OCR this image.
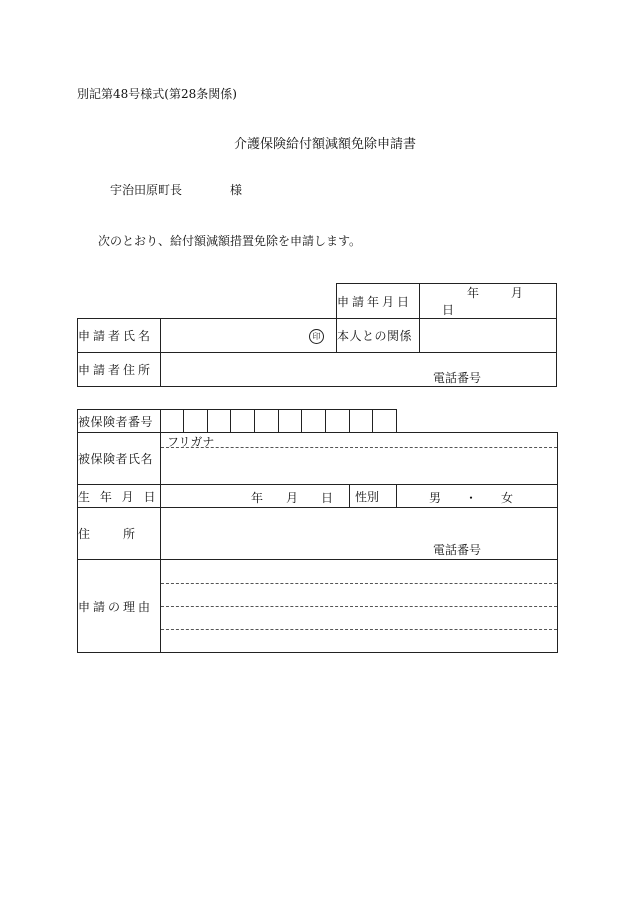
別記第48号様式(第28条関係)
介護保険給付額減額免除申請書
宇治田原町長	様
次のとおり、給付額減額措置免除を申請します。
		申請年月日	年 月 日
申請者氏名	印	本人との関係	
申請者住所	電話番号		
被保険者番号											
被保険者氏名	フリガナ										

生 年 月 日	年 月 日								性別		男 ・ 女

住　　所	電話番号										

申請の理由											
